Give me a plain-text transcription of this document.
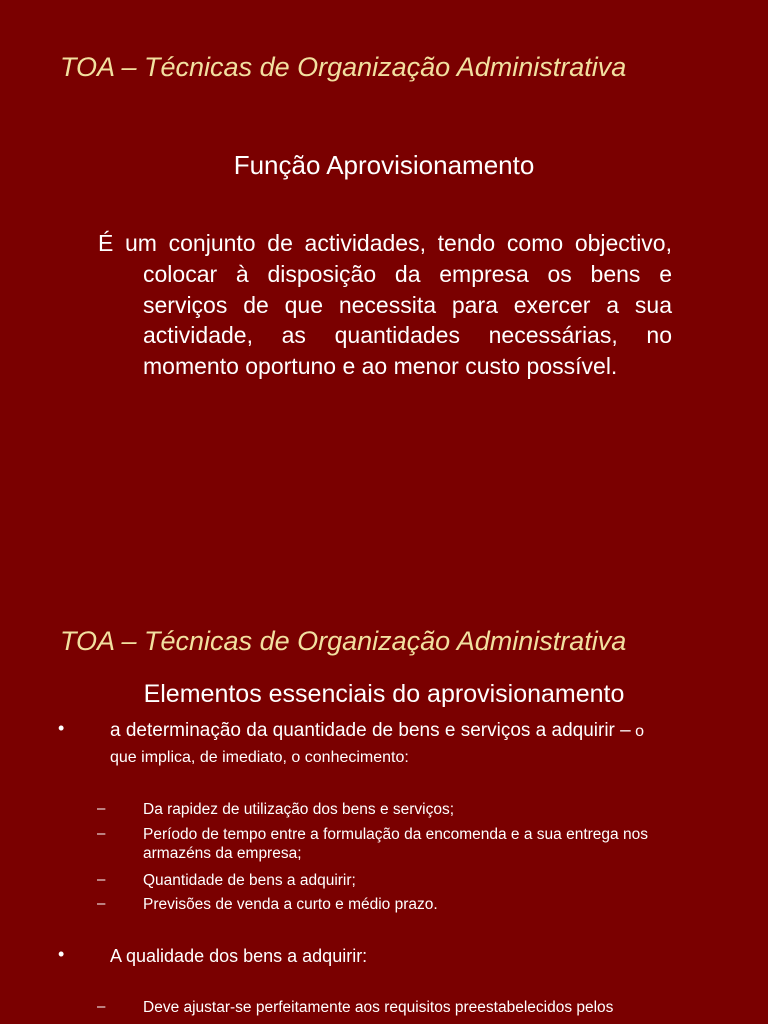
TOA – Técnicas de Organização Administrativa
Função Aprovisionamento
É um conjunto de actividades, tendo como objectivo, colocar à disposição da empresa os bens e serviços de que necessita para exercer a sua actividade, as quantidades necessárias, no momento oportuno e ao menor custo possível.
TOA – Técnicas de Organização Administrativa
Elementos essenciais do aprovisionamento
• a determinação da quantidade de bens e serviços a adquirir – o que implica, de imediato, o conhecimento:
– Da rapidez de utilização dos bens e serviços;
– Período de tempo entre a formulação da encomenda e a sua entrega nos armazéns da empresa;
– Quantidade de bens a adquirir;
– Previsões de venda a curto e médio prazo.
•	A qualidade dos bens a adquirir:
– Deve ajustar-se perfeitamente aos requisitos preestabelecidos pelos
